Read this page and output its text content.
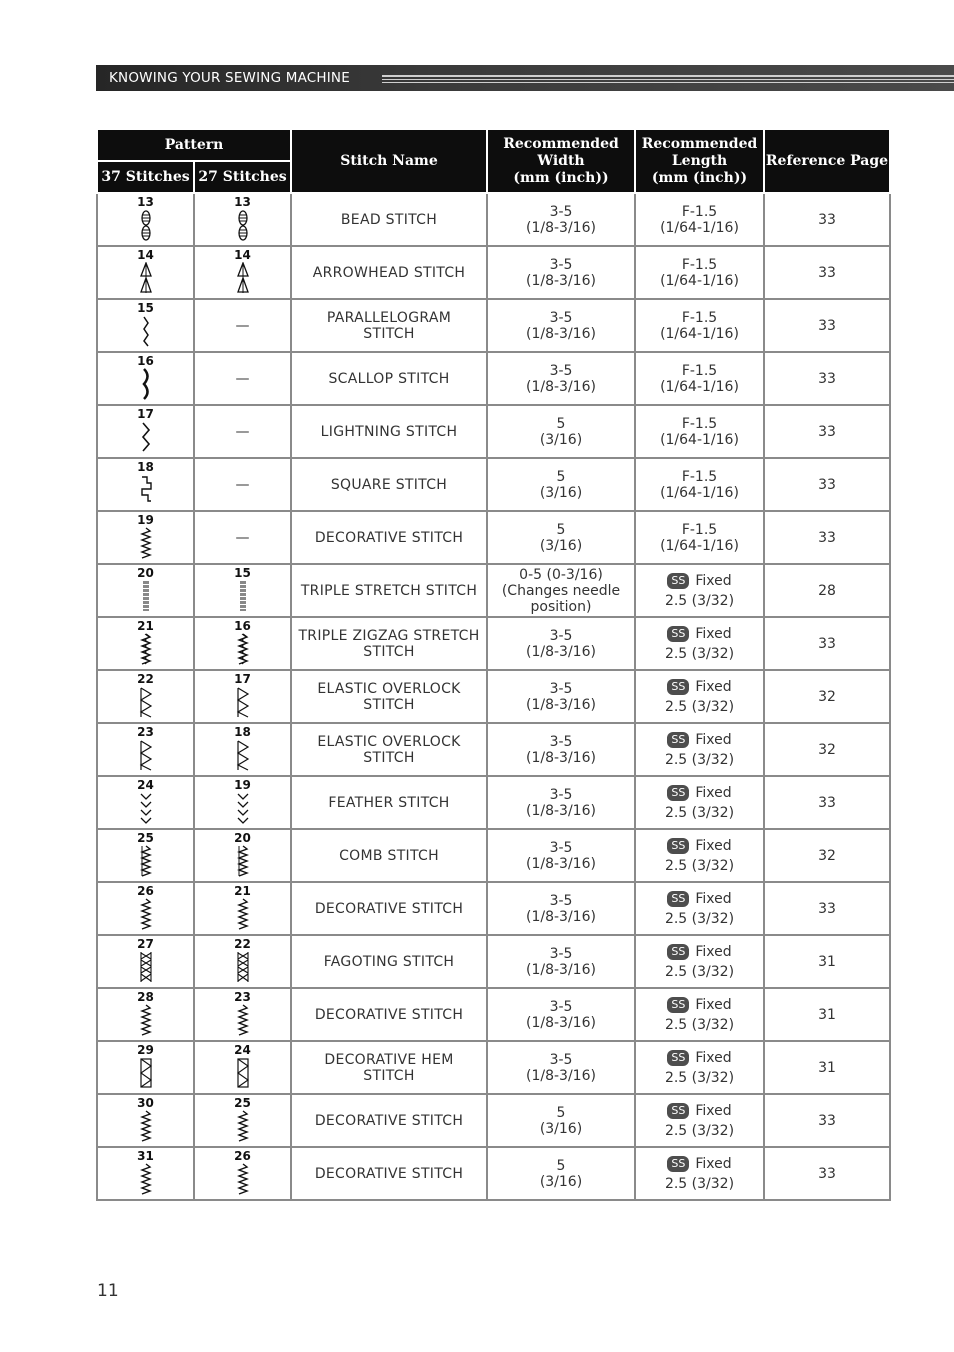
KNOWING YOUR SEWING MACHINE
Pattern		Stitch Name	Recommended
Width
(mm (inch))	Recommended
Length
(mm (inch))	Reference Page
37 Stitches	27 Stitches				

13	13	BEAD STITCH	3-5
(1/8-3/16)	F-1.5
(1/64-1/16)	33

14	14	ARROWHEAD STITCH	3-5
(1/8-3/16)	F-1.5
(1/64-1/16)	33

15	—	PARALLELOGRAM
STITCH	3-5
(1/8-3/16)	F-1.5
(1/64-1/16)	33

16	—	SCALLOP STITCH	3-5
(1/8-3/16)	F-1.5
(1/64-1/16)	33

17	—	LIGHTNING STITCH	5
(3/16)	F-1.5
(1/64-1/16)	33

18	—	SQUARE STITCH	5
(3/16)	F-1.5
(1/64-1/16)	33

19	—	DECORATIVE STITCH	5
(3/16)	F-1.5
(1/64-1/16)	33

20	15	TRIPLE STRETCH STITCH	0-5 (0-3/16)
(Changes needle
position)	SS Fixed
2.5 (3/32)	28

21	16	TRIPLE ZIGZAG STRETCH
STITCH	3-5
(1/8-3/16)	SS Fixed
2.5 (3/32)	33

22	17	ELASTIC OVERLOCK
STITCH	3-5
(1/8-3/16)	SS Fixed
2.5 (3/32)	32

23	18	ELASTIC OVERLOCK
STITCH	3-5
(1/8-3/16)	SS Fixed
2.5 (3/32)	32

24	19	FEATHER STITCH	3-5
(1/8-3/16)	SS Fixed
2.5 (3/32)	33

25	20	COMB STITCH	3-5
(1/8-3/16)	SS Fixed
2.5 (3/32)	32

26	21	DECORATIVE STITCH	3-5
(1/8-3/16)	SS Fixed
2.5 (3/32)	33

27	22	FAGOTING STITCH	3-5
(1/8-3/16)	SS Fixed
2.5 (3/32)	31

28	23	DECORATIVE STITCH	3-5
(1/8-3/16)	SS Fixed
2.5 (3/32)	31

29	24	DECORATIVE HEM
STITCH	3-5
(1/8-3/16)	SS Fixed
2.5 (3/32)	31

30	25	DECORATIVE STITCH	5
(3/16)	SS Fixed
2.5 (3/32)	33

31	26	DECORATIVE STITCH	5
(3/16)	SS Fixed
2.5 (3/32)	33
11
